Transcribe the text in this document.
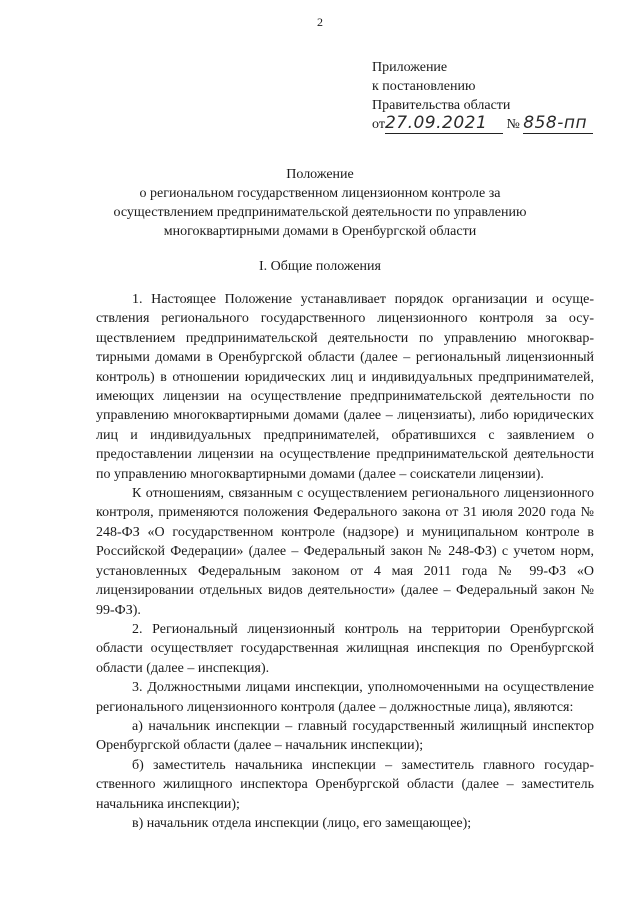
2
Приложение
к постановлению
Правительства области
от27.09.2021 № 858-пп
Положение
о региональном государственном лицензионном контроле за
осуществлением предпринимательской деятельности по управлению
многоквартирными домами в Оренбургской области
I. Общие положения

1. Настоящее Положение устанавливает порядок организации и осуществления регионального государственного лицензионного контроля за осуществлением предпринимательской деятельности по управлению многоквартирными домами в Оренбургской области (далее – региональный лицензионный контроль) в отношении юридических лиц и индивидуальных предпринимателей, имеющих лицензии на осуществление предпринимательской деятельности по управлению многоквартирными домами (далее – лицензиаты), либо юридических лиц и индивидуальных предпринимателей, обратившихся с заявлением о предоставлении лицензии на осуществление предпринимательской деятельности по управлению многоквартирными домами (далее – соискатели лицензии).

К отношениям, связанным с осуществлением регионального лицензионного контроля, применяются положения Федерального закона от 31 июля 2020 года № 248-ФЗ «О государственном контроле (надзоре) и муниципальном контроле в Российской Федерации» (далее – Федеральный закон № 248-ФЗ) с учетом норм, установленных Федеральным законом от 4 мая 2011 года № 99-ФЗ «О лицензировании отдельных видов деятельности» (далее – Федеральный закон № 99-ФЗ).

2. Региональный лицензионный контроль на территории Оренбургской области осуществляет государственная жилищная инспекция по Оренбургской области (далее – инспекция).

3. Должностными лицами инспекции, уполномоченными на осуществление регионального лицензионного контроля (далее – должностные лица), являются:

а) начальник инспекции – главный государственный жилищный инспектор Оренбургской области (далее – начальник инспекции);

б) заместитель начальника инспекции – заместитель главного государственного жилищного инспектора Оренбургской области (далее – заместитель начальника инспекции);

в) начальник отдела инспекции (лицо, его замещающее);
